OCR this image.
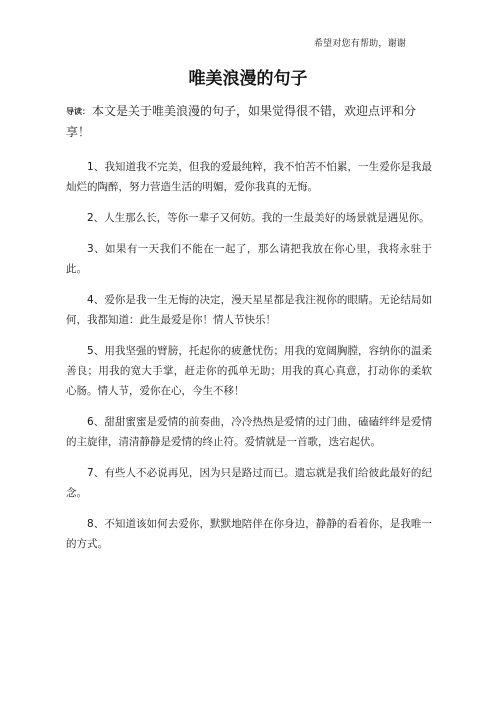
希望对您有帮助，谢谢
唯美浪漫的句子
导读： 本文是关于唯美浪漫的句子，如果觉得很不错，欢迎点评和分享！
1、我知道我不完美，但我的爱最纯粹，我不怕苦不怕累，一生爱你是我最灿烂的陶醉，努力营造生活的明媚，爱你我真的无悔。
2、人生那么长，等你一辈子又何妨。我的一生最美好的场景就是遇见你。
3、如果有一天我们不能在一起了，那么请把我放在你心里，我将永驻于此。
4、爱你是我一生无悔的决定，漫天星星都是我注视你的眼睛。无论结局如何，我都知道：此生最爱是你！情人节快乐！
5、用我坚强的臂膀，托起你的疲惫忧伤；用我的宽阔胸膛，容纳你的温柔善良；用我的宽大手掌，赶走你的孤单无助；用我的真心真意，打动你的柔软心肠。情人节，爱你在心，今生不移！
6、甜甜蜜蜜是爱情的前奏曲，冷冷热热是爱情的过门曲，磕磕绊绊是爱情的主旋律，清清静静是爱情的终止符。爱情就是一首歌，迭宕起伏。
7、有些人不必说再见，因为只是路过而已。遗忘就是我们给彼此最好的纪念。
8、不知道该如何去爱你，默默地陪伴在你身边，静静的看着你，是我唯一的方式。
